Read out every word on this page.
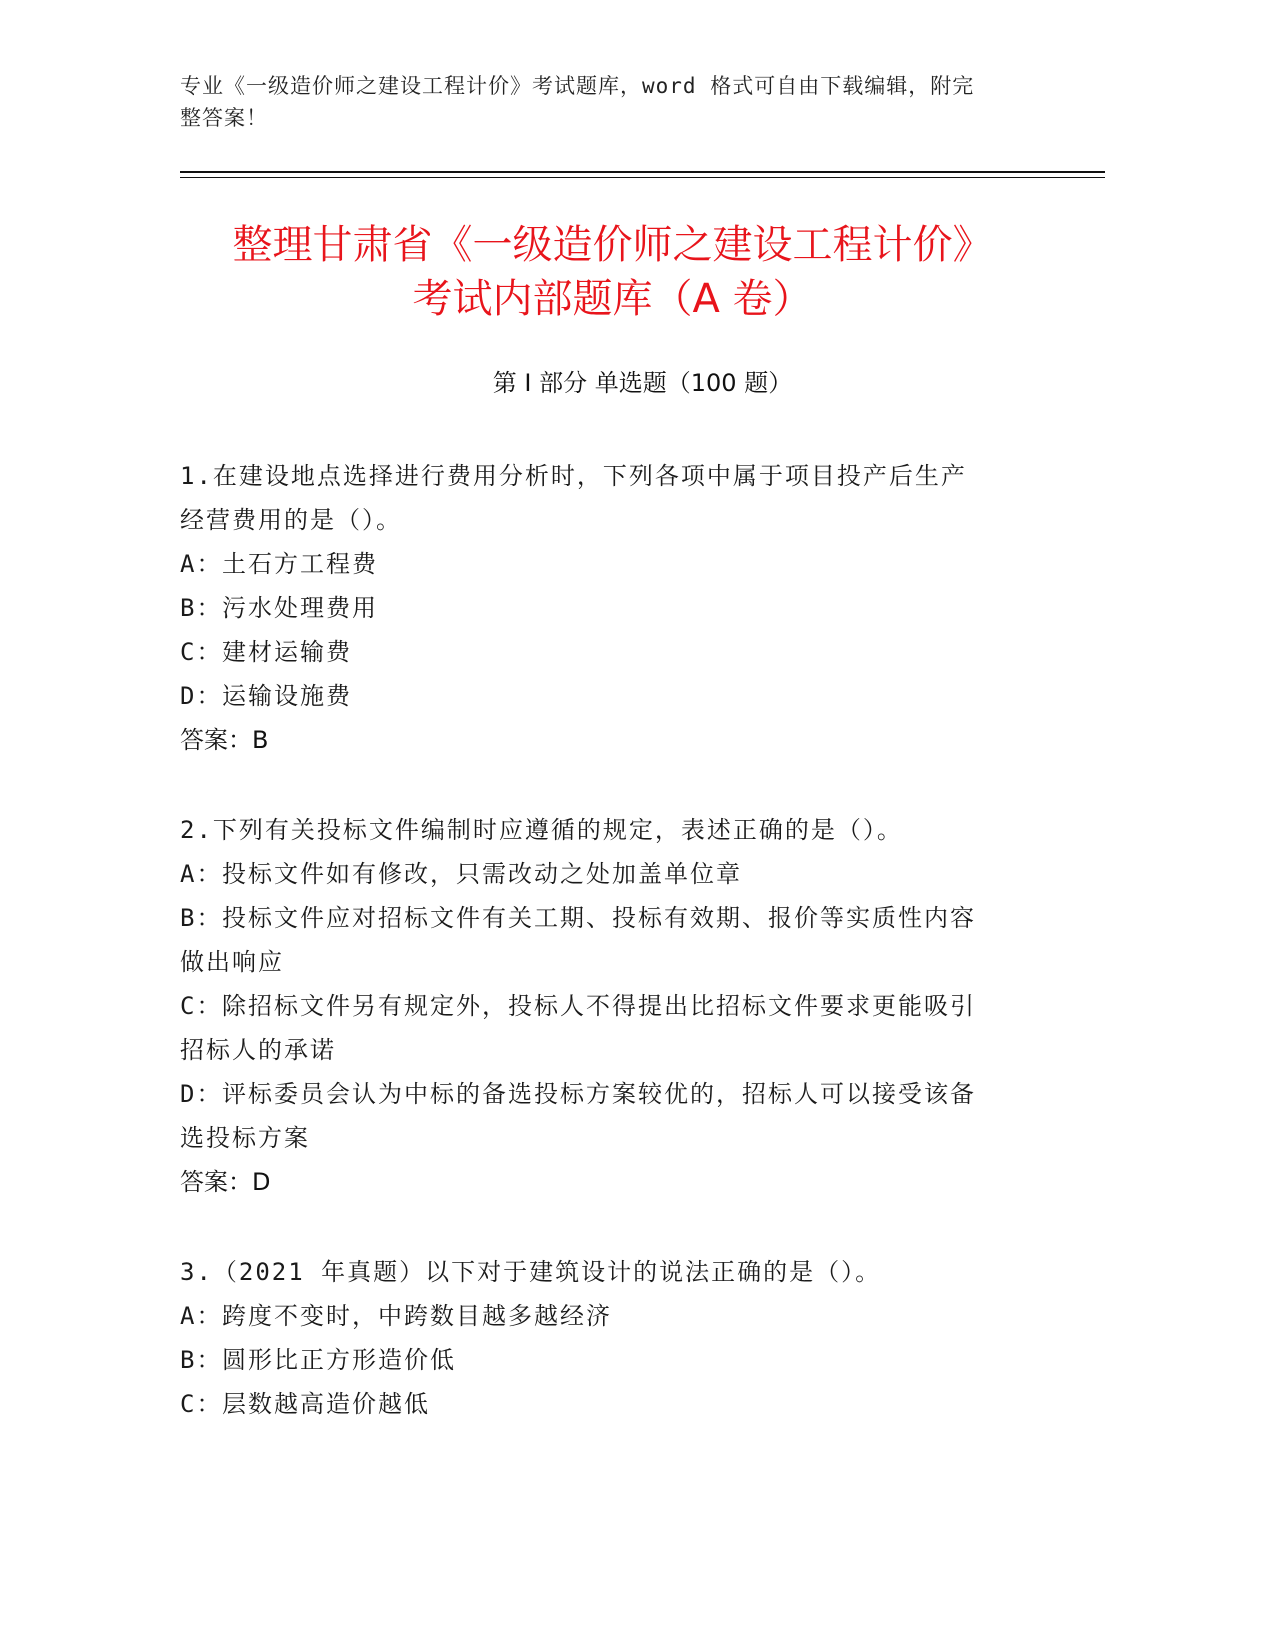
专业《一级造价师之建设工程计价》考试题库，word 格式可自由下载编辑，附完
整答案！
整理甘肃省《一级造价师之建设工程计价》
考试内部题库（A 卷）
第 I 部分 单选题（100 题）
1.在建设地点选择进行费用分析时，下列各项中属于项目投产后生产
经营费用的是（）。
A： 土石方工程费
B： 污水处理费用
C： 建材运输费
D： 运输设施费
答案：B
2.下列有关投标文件编制时应遵循的规定，表述正确的是（）。
A： 投标文件如有修改，只需改动之处加盖单位章
B： 投标文件应对招标文件有关工期、投标有效期、报价等实质性内容
做出响应
C： 除招标文件另有规定外，投标人不得提出比招标文件要求更能吸引
招标人的承诺
D： 评标委员会认为中标的备选投标方案较优的，招标人可以接受该备
选投标方案
答案：D
3.（2021 年真题）以下对于建筑设计的说法正确的是（）。
A： 跨度不变时，中跨数目越多越经济
B： 圆形比正方形造价低
C： 层数越高造价越低
